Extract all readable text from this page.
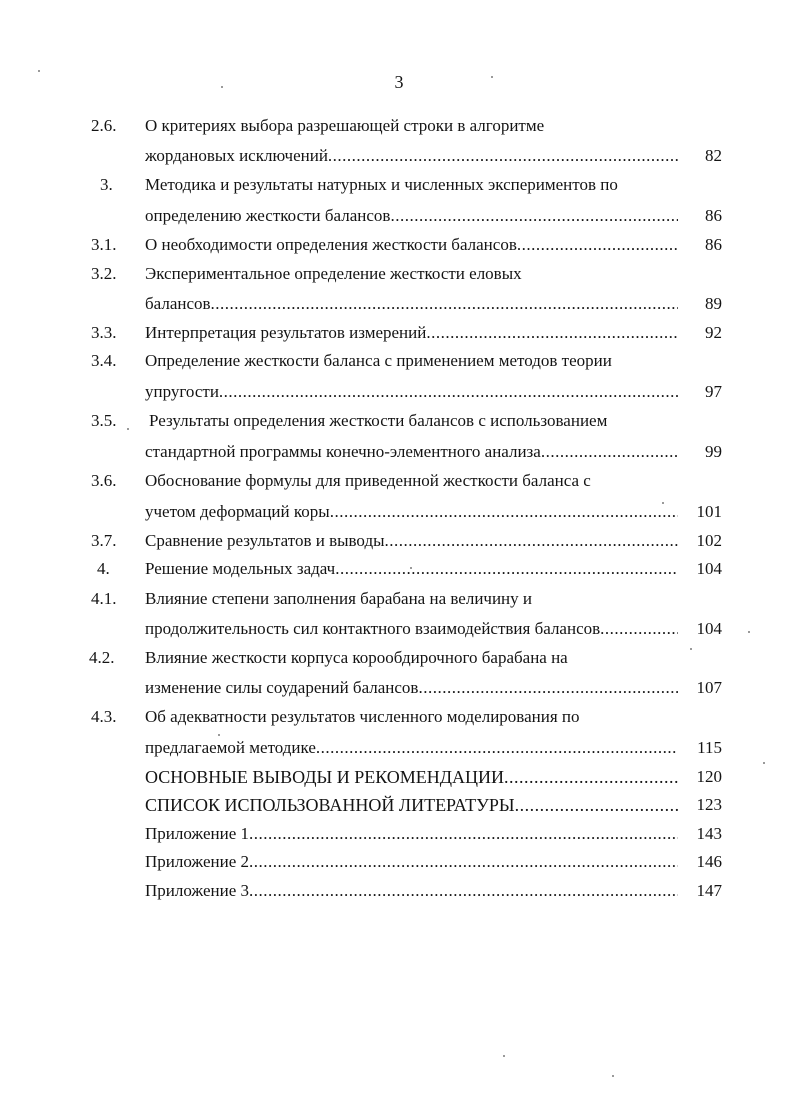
3
2.6. О критериях выбора разрешающей строки в алгоритме
жордановых исключений .....	82
3. Методика и результаты натурных и численных экспериментов по
определению жесткости балансов .....	86
3.1. О необходимости определения жесткости балансов .....	86
3.2. Экспериментальное определение жесткости еловых
балансов .....	89
3.3. Интерпретация результатов измерений .....	92
3.4. Определение жесткости баланса с применением методов теории
упругости .....	97
3.5. Результаты определения жесткости балансов с использованием
стандартной программы конечно-элементного анализа .....	99
3.6. Обоснование формулы для приведенной жесткости баланса с
учетом деформаций коры .....	101
3.7. Сравнение результатов и выводы .....	102
4. Решение модельных задач .....	104
4.1. Влияние степени заполнения барабана на величину и
продолжительность сил контактного взаимодействия балансов .....	104
4.2. Влияние жесткости корпуса корообдирочного барабана на
изменение силы соударений балансов .....	107
4.3. Об адекватности результатов численного моделирования по
предлагаемой методике .....	115
ОСНОВНЫЕ ВЫВОДЫ И РЕКОМЕНДАЦИИ .....	120
СПИСОК ИСПОЛЬЗОВАННОЙ ЛИТЕРАТУРЫ .....	123
Приложение 1 .....	143
Приложение 2 .....	146
Приложение 3 .....	147
